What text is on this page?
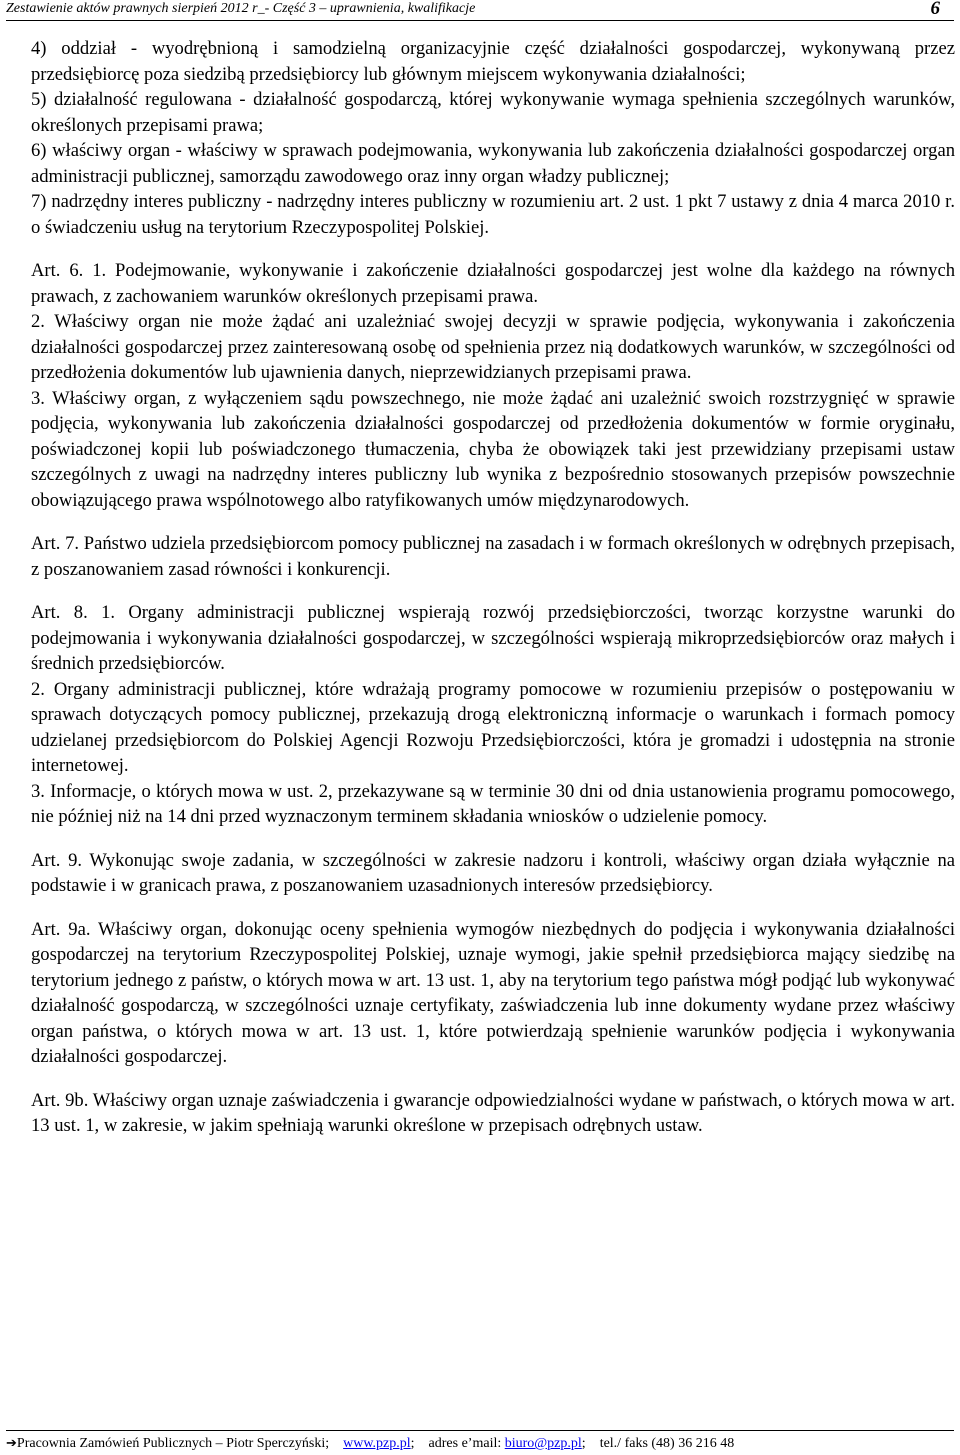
Zestawienie aktów prawnych sierpień 2012 r_- Część 3 – uprawnienia, kwalifikacje	6

4) oddział - wyodrębnioną i samodzielną organizacyjnie część działalności gospodarczej, wykonywaną przez przedsiębiorcę poza siedzibą przedsiębiorcy lub głównym miejscem wykonywania działalności;

5) działalność regulowana - działalność gospodarczą, której wykonywanie wymaga spełnienia szczególnych warunków, określonych przepisami prawa;

6) właściwy organ - właściwy w sprawach podejmowania, wykonywania lub zakończenia działalności gospodarczej organ administracji publicznej, samorządu zawodowego oraz inny organ władzy publicznej;

7) nadrzędny interes publiczny - nadrzędny interes publiczny w rozumieniu art. 2 ust. 1 pkt 7 ustawy z dnia 4 marca 2010 r. o świadczeniu usług na terytorium Rzeczypospolitej Polskiej.

Art. 6. 1. Podejmowanie, wykonywanie i zakończenie działalności gospodarczej jest wolne dla każdego na równych prawach, z zachowaniem warunków określonych przepisami prawa.

2. Właściwy organ nie może żądać ani uzależniać swojej decyzji w sprawie podjęcia, wykonywania i zakończenia działalności gospodarczej przez zainteresowaną osobę od spełnienia przez nią dodatkowych warunków, w szczególności od przedłożenia dokumentów lub ujawnienia danych, nieprzewidzianych przepisami prawa.

3. Właściwy organ, z wyłączeniem sądu powszechnego, nie może żądać ani uzależnić swoich rozstrzygnięć w sprawie podjęcia, wykonywania lub zakończenia działalności gospodarczej od przedłożenia dokumentów w formie oryginału, poświadczonej kopii lub poświadczonego tłumaczenia, chyba że obowiązek taki jest przewidziany przepisami ustaw szczególnych z uwagi na nadrzędny interes publiczny lub wynika z bezpośrednio stosowanych przepisów powszechnie obowiązującego prawa wspólnotowego albo ratyfikowanych umów międzynarodowych.

Art. 7. Państwo udziela przedsiębiorcom pomocy publicznej na zasadach i w formach określonych w odrębnych przepisach, z poszanowaniem zasad równości i konkurencji.

Art. 8. 1. Organy administracji publicznej wspierają rozwój przedsiębiorczości, tworząc korzystne warunki do podejmowania i wykonywania działalności gospodarczej, w szczególności wspierają mikroprzedsiębiorców oraz małych i średnich przedsiębiorców.

2. Organy administracji publicznej, które wdrażają programy pomocowe w rozumieniu przepisów o postępowaniu w sprawach dotyczących pomocy publicznej, przekazują drogą elektroniczną informacje o warunkach i formach pomocy udzielanej przedsiębiorcom do Polskiej Agencji Rozwoju Przedsiębiorczości, która je gromadzi i udostępnia na stronie internetowej.

3. Informacje, o których mowa w ust. 2, przekazywane są w terminie 30 dni od dnia ustanowienia programu pomocowego, nie później niż na 14 dni przed wyznaczonym terminem składania wniosków o udzielenie pomocy.

Art. 9. Wykonując swoje zadania, w szczególności w zakresie nadzoru i kontroli, właściwy organ działa wyłącznie na podstawie i w granicach prawa, z poszanowaniem uzasadnionych interesów przedsiębiorcy.

Art. 9a. Właściwy organ, dokonując oceny spełnienia wymogów niezbędnych do podjęcia i wykonywania działalności gospodarczej na terytorium Rzeczypospolitej Polskiej, uznaje wymogi, jakie spełnił przedsiębiorca mający siedzibę na terytorium jednego z państw, o których mowa w art. 13 ust. 1, aby na terytorium tego państwa mógł podjąć lub wykonywać działalność gospodarczą, w szczególności uznaje certyfikaty, zaświadczenia lub inne dokumenty wydane przez właściwy organ państwa, o których mowa w art. 13 ust. 1, które potwierdzają spełnienie warunków podjęcia i wykonywania działalności gospodarczej.

Art. 9b. Właściwy organ uznaje zaświadczenia i gwarancje odpowiedzialności wydane w państwach, o których mowa w art. 13 ust. 1, w zakresie, w jakim spełniają warunki określone w przepisach odrębnych ustaw.

➔Pracownia Zamówień Publicznych – Piotr Sperczyński; www.pzp.pl; adres e’mail: biuro@pzp.pl; tel./ faks (48) 36 216 48
